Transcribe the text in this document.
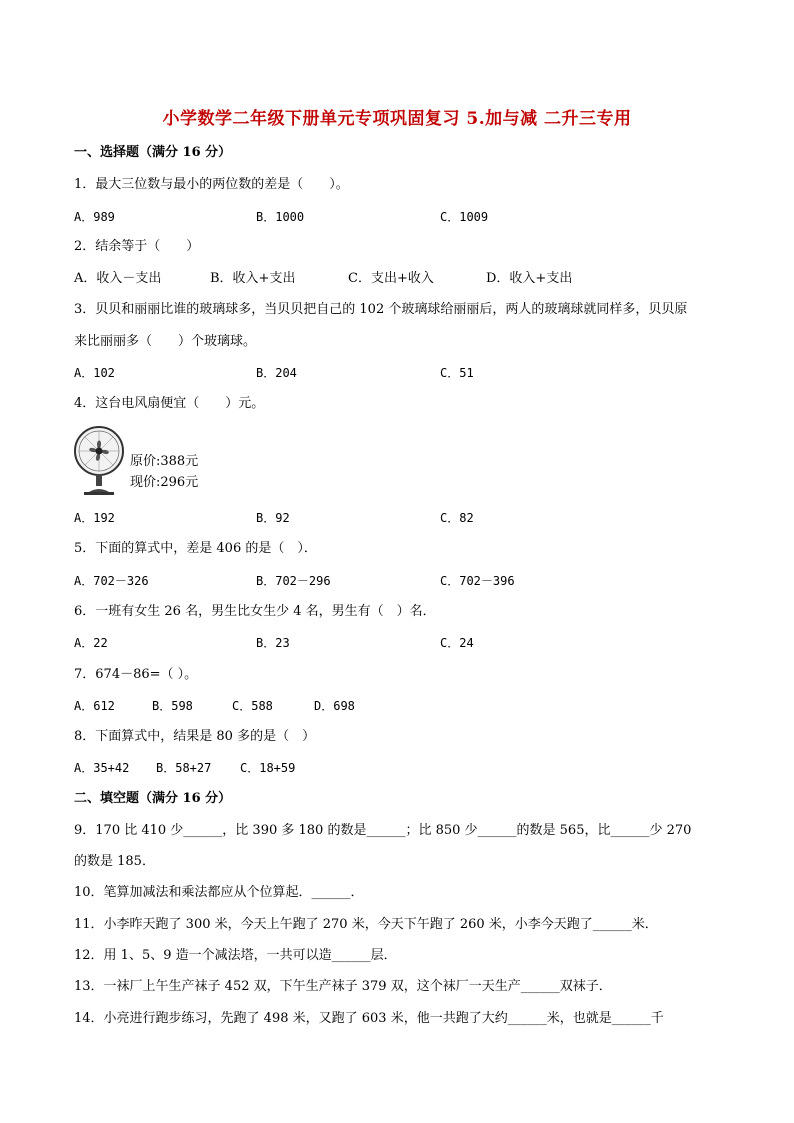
小学数学二年级下册单元专项巩固复习 5.加与减 二升三专用
一、选择题（满分 16 分）
1．最大三位数与最小的两位数的差是（　　）。
A．989	B．1000	C．1009
2．结余等于（　　）
A．收入－支出	B．收入+支出	C．支出+收入	D．收入+支出
3．贝贝和丽丽比谁的玻璃球多，当贝贝把自己的 102 个玻璃球给丽丽后，两人的玻璃球就同样多，贝贝原
来比丽丽多（　　）个玻璃球。
A．102	B．204	C．51
4．这台电风扇便宜（　　）元。
原价:388元
现价:296元
A．192	B．92	C．82
5．下面的算式中，差是 406 的是（　）．
A．702－326	B．702－296	C．702－396
6．一班有女生 26 名，男生比女生少 4 名，男生有（　）名．
A．22	B．23	C．24
7．674－86=（ ）。
A．612	B．598	C．588	D．698
8．下面算式中，结果是 80 多的是（　）
A．35+42 B．58+27 C．18+59
二、填空题（满分 16 分）
9．170 比 410 少______，比 390 多 180 的数是______；比 850 少______的数是 565，比______少 270
的数是 185．
10．笔算加减法和乘法都应从个位算起．______．
11．小李昨天跑了 300 米，今天上午跑了 270 米，今天下午跑了 260 米，小李今天跑了______米．
12．用 1、5、9 造一个减法塔，一共可以造______层．
13．一袜厂上午生产袜子 452 双，下午生产袜子 379 双，这个袜厂一天生产______双袜子．
14．小亮进行跑步练习，先跑了 498 米，又跑了 603 米，他一共跑了大约______米，也就是______千
